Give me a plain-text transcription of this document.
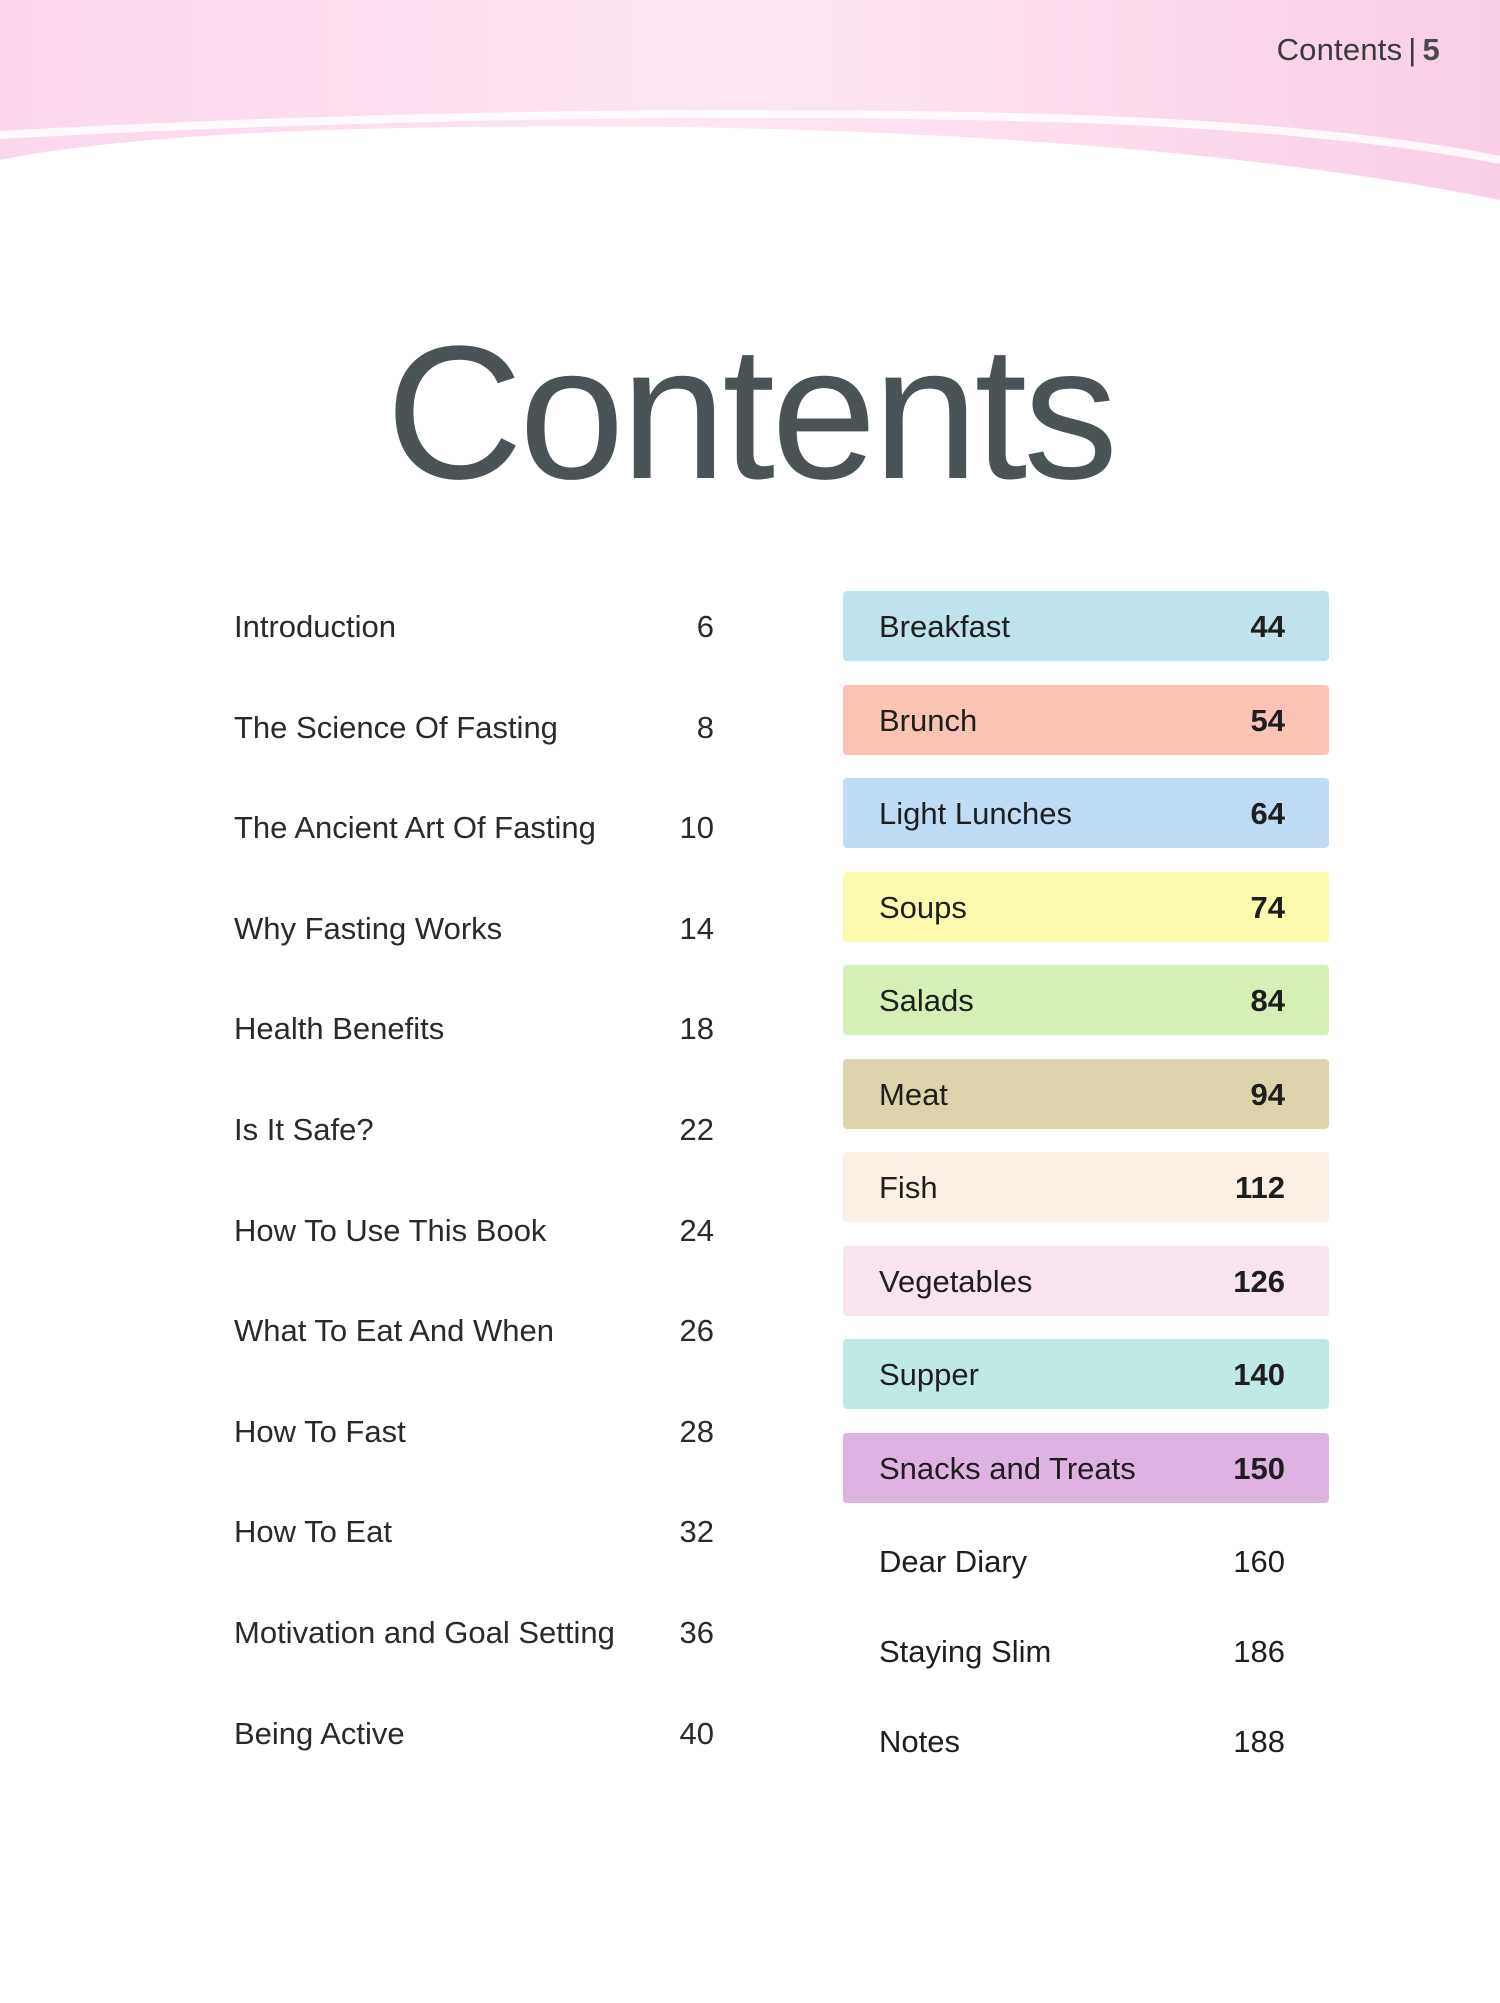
Contents | 5
Contents
Introduction	6
The Science Of Fasting	8
The Ancient Art Of Fasting	10
Why Fasting Works	14
Health Benefits	18
Is It Safe?	22
How To Use This Book	24
What To Eat And When	26
How To Fast	28
How To Eat	32
Motivation and Goal Setting 36
Being Active	40
Breakfast	44
Brunch	54
Light Lunches	64
Soups	74
Salads	84
Meat	94
Fish	112
Vegetables	126
Supper	140
Snacks and Treats	150
Dear Diary	160
Staying Slim	186
Notes	188
